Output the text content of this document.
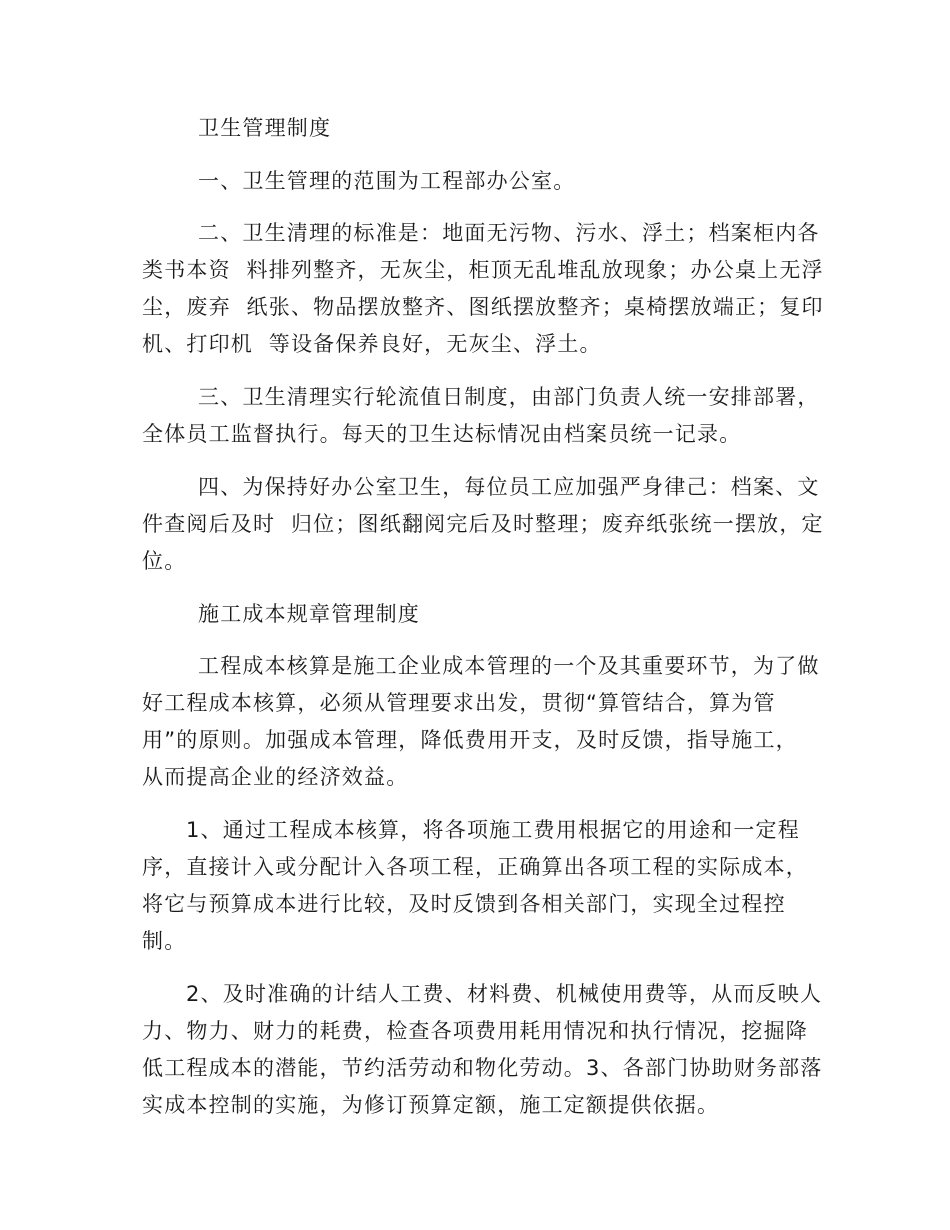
卫生管理制度
一、卫生管理的范围为工程部办公室。
二、卫生清理的标准是：地面无污物、污水、浮土；档案柜内各
类书本资  料排列整齐，无灰尘，柜顶无乱堆乱放现象；办公桌上无浮
尘，废弃  纸张、物品摆放整齐、图纸摆放整齐；桌椅摆放端正；复印
机、打印机  等设备保养良好，无灰尘、浮土。
三、卫生清理实行轮流值日制度，由部门负责人统一安排部署，
全体员工监督执行。每天的卫生达标情况由档案员统一记录。
四、为保持好办公室卫生，每位员工应加强严身律己：档案、文
件查阅后及时  归位；图纸翻阅完后及时整理；废弃纸张统一摆放，定
位。
施工成本规章管理制度
工程成本核算是施工企业成本管理的一个及其重要环节，为了做
好工程成本核算，必须从管理要求出发，贯彻“算管结合，算为管
用”的原则。加强成本管理，降低费用开支，及时反馈，指导施工，
从而提高企业的经济效益。
1、通过工程成本核算，将各项施工费用根据它的用途和一定程
序，直接计入或分配计入各项工程，正确算出各项工程的实际成本，
将它与预算成本进行比较，及时反馈到各相关部门，实现全过程控
制。
2、及时准确的计结人工费、材料费、机械使用费等，从而反映人
力、物力、财力的耗费，检查各项费用耗用情况和执行情况，挖掘降
低工程成本的潜能，节约活劳动和物化劳动。3、各部门协助财务部落
实成本控制的实施，为修订预算定额，施工定额提供依据。
